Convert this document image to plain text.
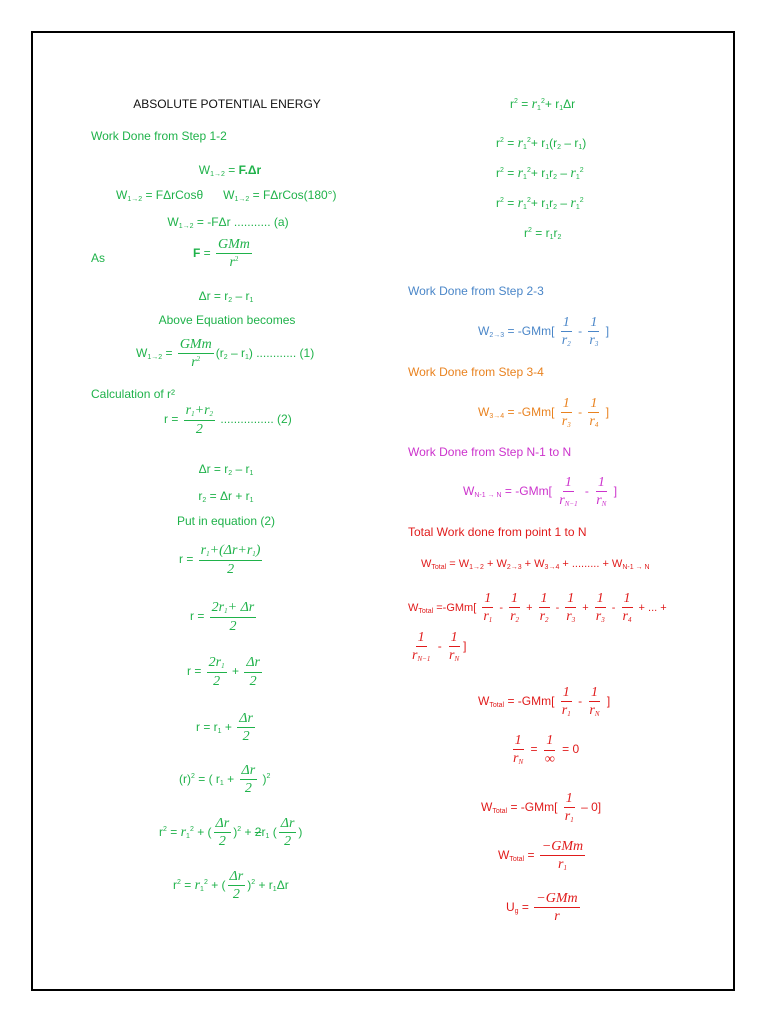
ABSOLUTE POTENTIAL ENERGY
Work Done from Step 1-2
$W_{1\to 2} = F.\Delta r$
$W_{1\to 2}$ = FΔrCosθ      $W_{1\to 2}$ = FΔrCos(180°)
$W_{1\to 2} = -F\Delta r$ ........... (a)
As	$F = \frac{\text{GMm}}{r^2}$
$\Delta r = r_2 - r_1$
Above Equation becomes
$W_{1\to 2} = \frac{\text{GMm}}{r^2} (r_2 - r_1)$ ............ (1)
Calculation of r²
$r = \frac{r_1+r_2}{2}$ ................ (2)
$\Delta r = r_2 - r_1$
$r_2 = \Delta r + r_1$
Put in equation (2)
$r = \frac{r_1+(\Delta r+r_1)}{2}$
$r = \frac{2r_1+ \Delta r}{2}$
$r = \frac{2r_1}{2} + \frac{\Delta r}{2}$
$r = r_1 + \frac{\Delta r}{2}$
$(r)^2$ = ( $r_1 + \frac{\Delta r}{2} )^2$
$r^2 = r_1^2$ + ( $\frac{\Delta r}{2} )^2 + 2r_1$ ( $\frac{\Delta r}{2}$ )
$r^2 = r_1^2$ + ( $\frac{\Delta r}{2} )^2 + r_1\Delta r$
$r^2 = r_1^2+ r_1\Delta r$
$r^2 = r_1^2+ r_1(r_2 - r_1)$
$r^2 = r_1^2+ r_1r_2 - r_1^2$
$r^2 = r_1^2+ r_1r_2 - r_1^2$
$r^2 = r_1r_2$
Work Done from Step 2-3
$W_{2\to 3} = -GMm[ \frac{1}{r_2} - \frac{1}{r_3}$ ]
Work Done from Step 3-4
$W_{3\to 4} = -GMm[ \frac{1}{r_3} - \frac{1}{r_4}$ ]
Work Done from Step N-1 to N
$W_{N-1 \to N} = -GMm[ \frac{1}{r_{N-1}} - \frac{1}{r_N}$ ]
Total Work done from point 1 to N
$W_{Total} = W_{1\to 2} + W_{2\to 3} + W_{3\to 4}$ + ......... + $W_{N-1 \to N}$
$W_{Total} =-GMm[ \frac{1}{r_1} - \frac{1}{r_2} + \frac{1}{r_2} - \frac{1}{r_3} + \frac{1}{r_3} - \frac{1}{r_4}$ + ... +
$\frac{1}{r_{N-1}} - \frac{1}{r_N}$ ]
$W_{Total} = -GMm[ \frac{1}{r_1} - \frac{1}{r_N}$ ]
$\frac{1}{r_N} = \frac{1}{\infty} = 0$
$W_{Total} = -GMm[ \frac{1}{r_1} - 0]$
$W_{Total} = \frac{\text{−GMm}}{r_1}$
$U_g = \frac{\text{−GMm}}{r}$
